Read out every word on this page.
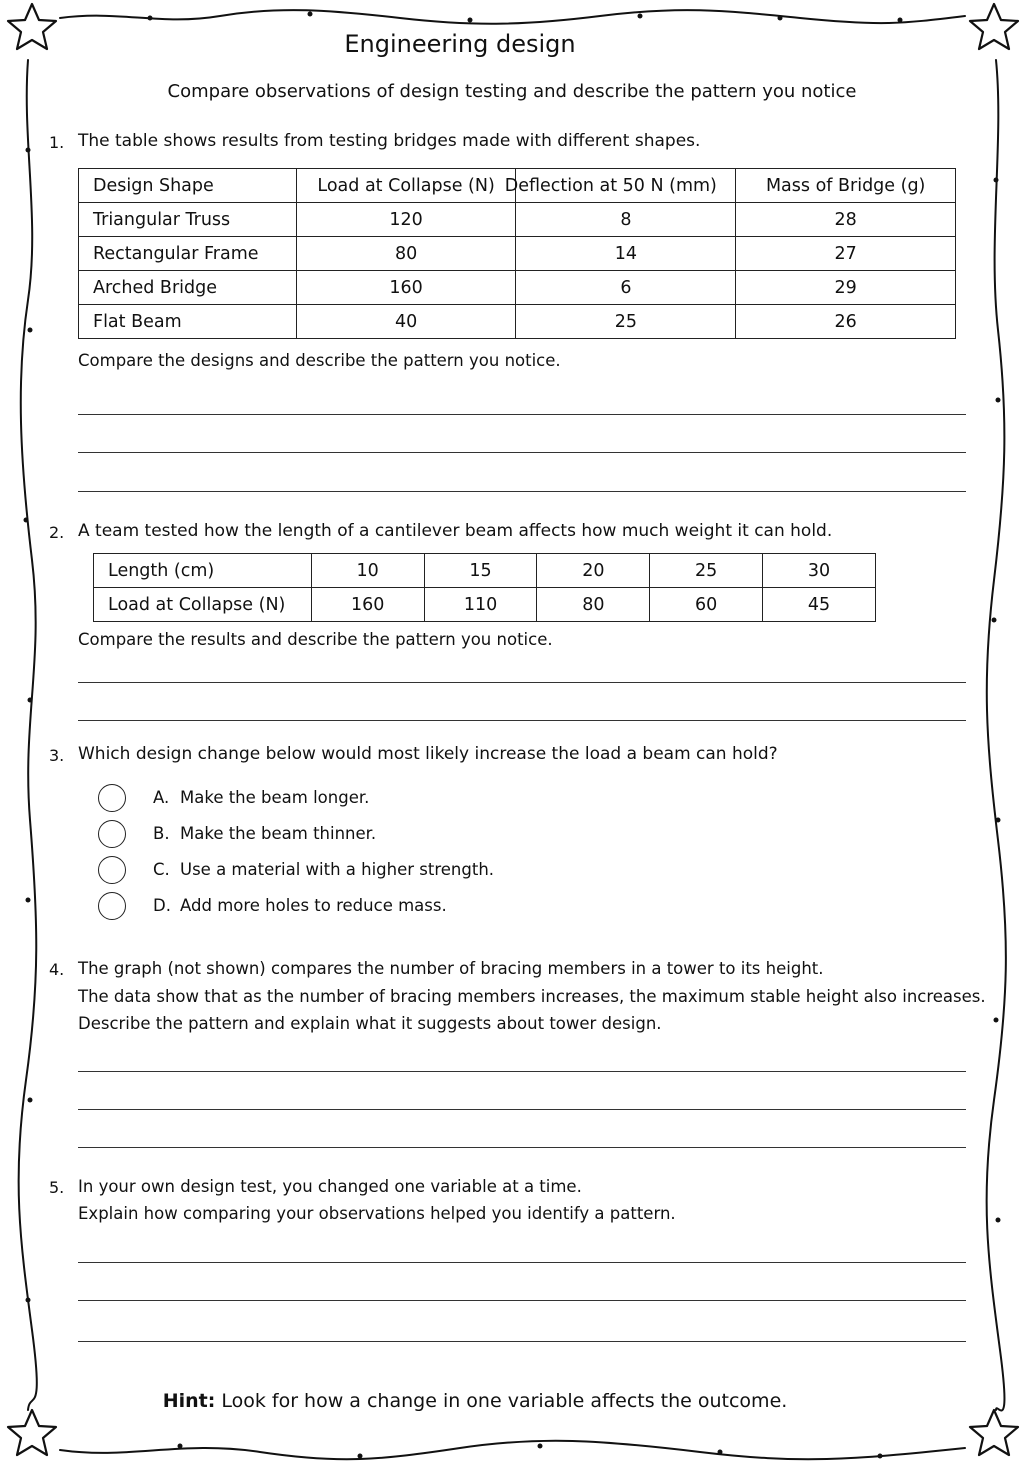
Engineering design
Compare observations of design testing and describe the pattern you notice
1. The table shows results from testing bridges made with different shapes.
Design Shape	Load at Collapse (N)	Deflection at 50 N (mm)	Mass of Bridge (g)
Triangular Truss	120	8	28
Rectangular Frame	80	14	27
Arched Bridge	160	6	29
Flat Beam	40	25	26
Compare the designs and describe the pattern you notice.
2. A team tested how the length of a cantilever beam affects how much weight it can hold.
Length (cm)	10	15	20	25	30
Load at Collapse (N)	160	110	80	60	45
Compare the results and describe the pattern you notice.
3. Which design change below would most likely increase the load a beam can hold?
A. Make the beam longer.
B. Make the beam thinner.
C. Use a material with a higher strength.
D. Add more holes to reduce mass.
4. The graph (not shown) compares the number of bracing members in a tower to its height.
The data show that as the number of bracing members increases, the maximum stable height also increases.
Describe the pattern and explain what it suggests about tower design.
5. In your own design test, you changed one variable at a time.
Explain how comparing your observations helped you identify a pattern.
Hint: Look for how a change in one variable affects the outcome.
